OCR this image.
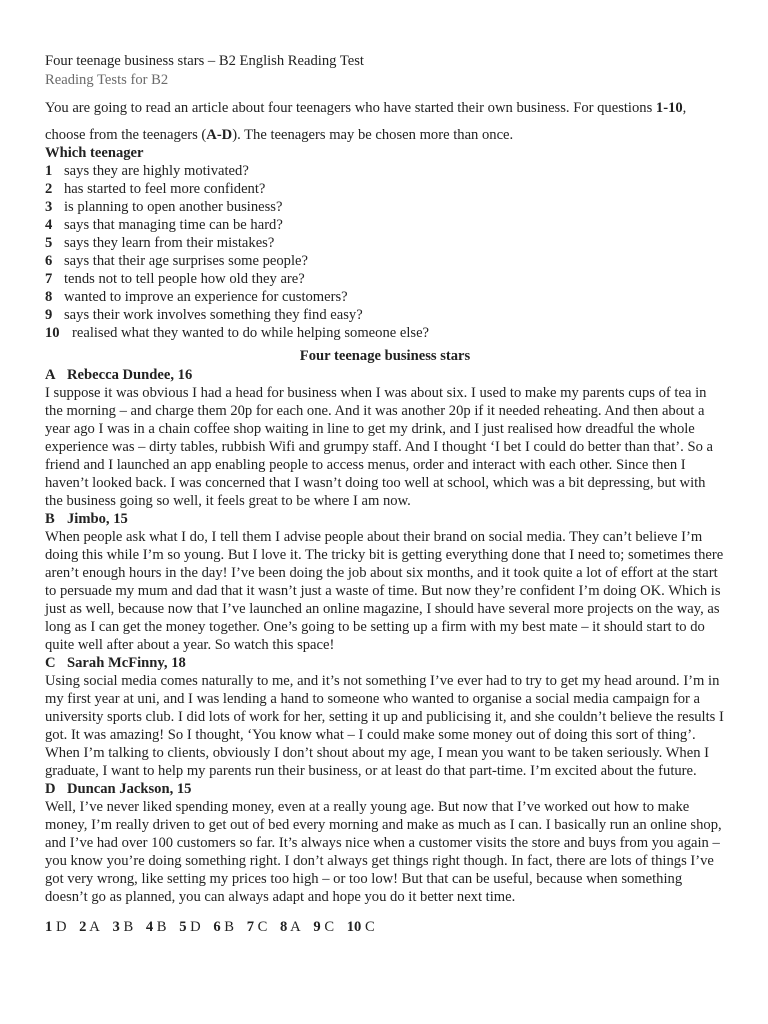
Four teenage business stars – B2 English Reading Test

Reading Tests for B2

You are going to read an article about four teenagers who have started their own business. For questions 1-10,
choose from the teenagers (A-D). The teenagers may be chosen more than once.
Which teenager
1 says they are highly motivated?
2 has started to feel more confident?
3 is planning to open another business?
4 says that managing time can be hard?
5 says they learn from their mistakes?
6 says that their age surprises some people?
7 tends not to tell people how old they are?
8 wanted to improve an experience for customers?
9 says their work involves something they find easy?
10 realised what they wanted to do while helping someone else?
Four teenage business stars
A Rebecca Dundee, 16
I suppose it was obvious I had a head for business when I was about six. I used to make my parents cups of tea in the morning – and charge them 20p for each one. And it was another 20p if it needed reheating. And then about a year ago I was in a chain coffee shop waiting in line to get my drink, and I just realised how dreadful the whole experience was – dirty tables, rubbish Wifi and grumpy staff. And I thought ‘I bet I could do better than that’. So a friend and I launched an app enabling people to access menus, order and interact with each other. Since then I haven’t looked back. I was concerned that I wasn’t doing too well at school, which was a bit depressing, but with the business going so well, it feels great to be where I am now.
B Jimbo, 15
When people ask what I do, I tell them I advise people about their brand on social media. They can’t believe I’m doing this while I’m so young. But I love it. The tricky bit is getting everything done that I need to; sometimes there aren’t enough hours in the day! I’ve been doing the job about six months, and it took quite a lot of effort at the start to persuade my mum and dad that it wasn’t just a waste of time. But now they’re confident I’m doing OK. Which is just as well, because now that I’ve launched an online magazine, I should have several more projects on the way, as long as I can get the money together. One’s going to be setting up a firm with my best mate – it should start to do quite well after about a year. So watch this space!
C Sarah McFinny, 18
Using social media comes naturally to me, and it’s not something I’ve ever had to try to get my head around. I’m in my first year at uni, and I was lending a hand to someone who wanted to organise a social media campaign for a university sports club. I did lots of work for her, setting it up and publicising it, and she couldn’t believe the results I got. It was amazing! So I thought, ‘You know what – I could make some money out of doing this sort of thing’. When I’m talking to clients, obviously I don’t shout about my age, I mean you want to be taken seriously. When I graduate, I want to help my parents run their business, or at least do that part-time. I’m excited about the future.
D Duncan Jackson, 15
Well, I’ve never liked spending money, even at a really young age. But now that I’ve worked out how to make money, I’m really driven to get out of bed every morning and make as much as I can. I basically run an online shop, and I’ve had over 100 customers so far. It’s always nice when a customer visits the store and buys from you again – you know you’re doing something right. I don’t always get things right though. In fact, there are lots of things I’ve got very wrong, like setting my prices too high – or too low! But that can be useful, because when something doesn’t go as planned, you can always adapt and hope you do it better next time.
1 D 2 A 3 B 4 B 5 D 6 B 7 C 8 A 9 C 10 C
